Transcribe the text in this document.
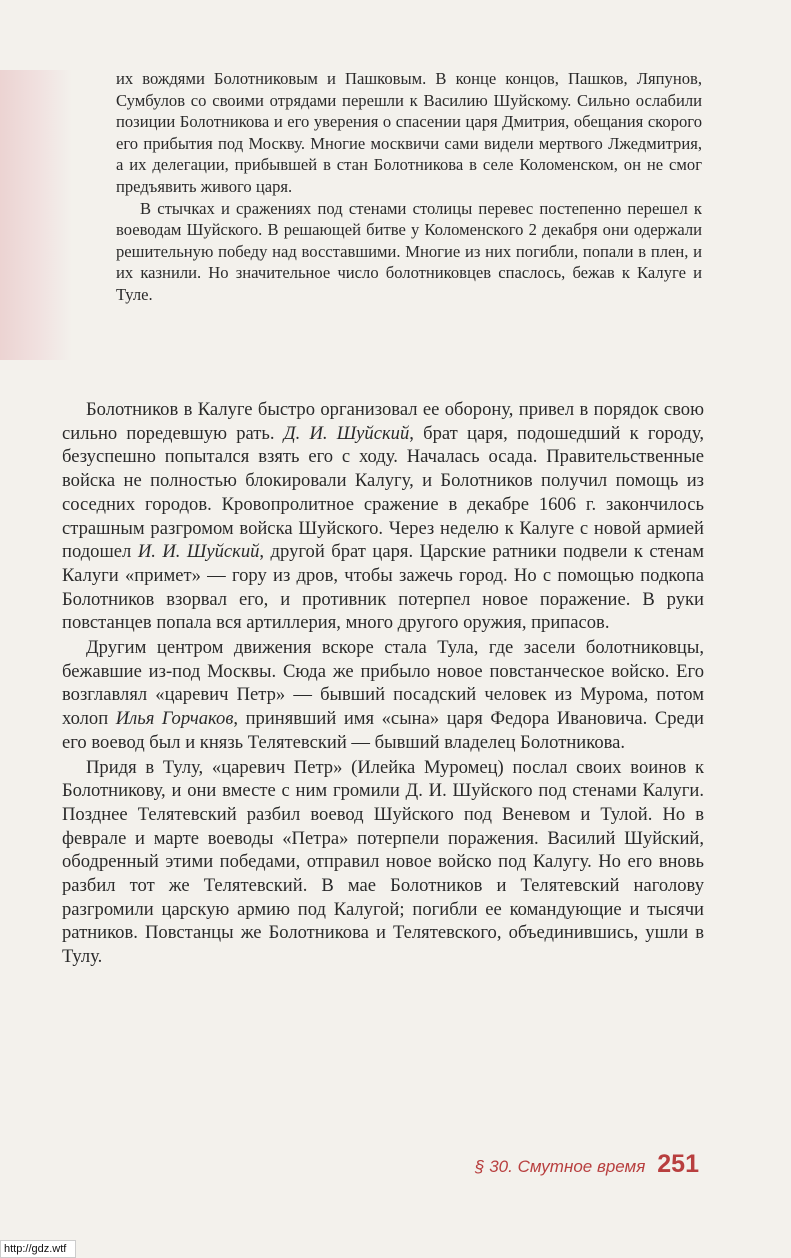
их вождями Болотниковым и Пашковым. В конце концов, Пашков, Ляпунов, Сумбулов со своими отрядами перешли к Василию Шуйскому. Сильно ослабили позиции Болотникова и его уверения о спасении царя Дмитрия, обещания скорого его прибытия под Москву. Многие москвичи сами видели мертвого Лжедмитрия, а их делегации, прибывшей в стан Болотникова в селе Коломенском, он не смог предъявить живого царя.

В стычках и сражениях под стенами столицы перевес постепенно перешел к воеводам Шуйского. В решающей битве у Коломенского 2 декабря они одержали решительную победу над восставшими. Многие из них погибли, попали в плен, и их казнили. Но значительное число болотниковцев спаслось, бежав к Калуге и Туле.

Болотников в Калуге быстро организовал ее оборону, привел в порядок свою сильно поредевшую рать. Д. И. Шуйский, брат царя, подошедший к городу, безуспешно попытался взять его с ходу. Началась осада. Правительственные войска не полностью блокировали Калугу, и Болотников получил помощь из соседних городов. Кровопролитное сражение в декабре 1606 г. закончилось страшным разгромом войска Шуйского. Через неделю к Калуге с новой армией подошел И. И. Шуйский, другой брат царя. Царские ратники подвели к стенам Калуги «примет» — гору из дров, чтобы зажечь город. Но с помощью подкопа Болотников взорвал его, и противник потерпел новое поражение. В руки повстанцев попала вся артиллерия, много другого оружия, припасов.

Другим центром движения вскоре стала Тула, где засели болотниковцы, бежавшие из-под Москвы. Сюда же прибыло новое повстанческое войско. Его возглавлял «царевич Петр» — бывший посадский человек из Мурома, потом холоп Илья Горчаков, принявший имя «сына» царя Федора Ивановича. Среди его воевод был и князь Телятевский — бывший владелец Болотникова.

Придя в Тулу, «царевич Петр» (Илейка Муромец) послал своих воинов к Болотникову, и они вместе с ним громили Д. И. Шуйского под стенами Калуги. Позднее Телятевский разбил воевод Шуйского под Веневом и Тулой. Но в феврале и марте воеводы «Петра» потерпели поражения. Василий Шуйский, ободренный этими победами, отправил новое войско под Калугу. Но его вновь разбил тот же Телятевский. В мае Болотников и Телятевский наголову разгромили царскую армию под Калугой; погибли ее командующие и тысячи ратников. Повстанцы же Болотникова и Телятевского, объединившись, ушли в Тулу.

§ 30. Смутное время 251
http://gdz.wtf
